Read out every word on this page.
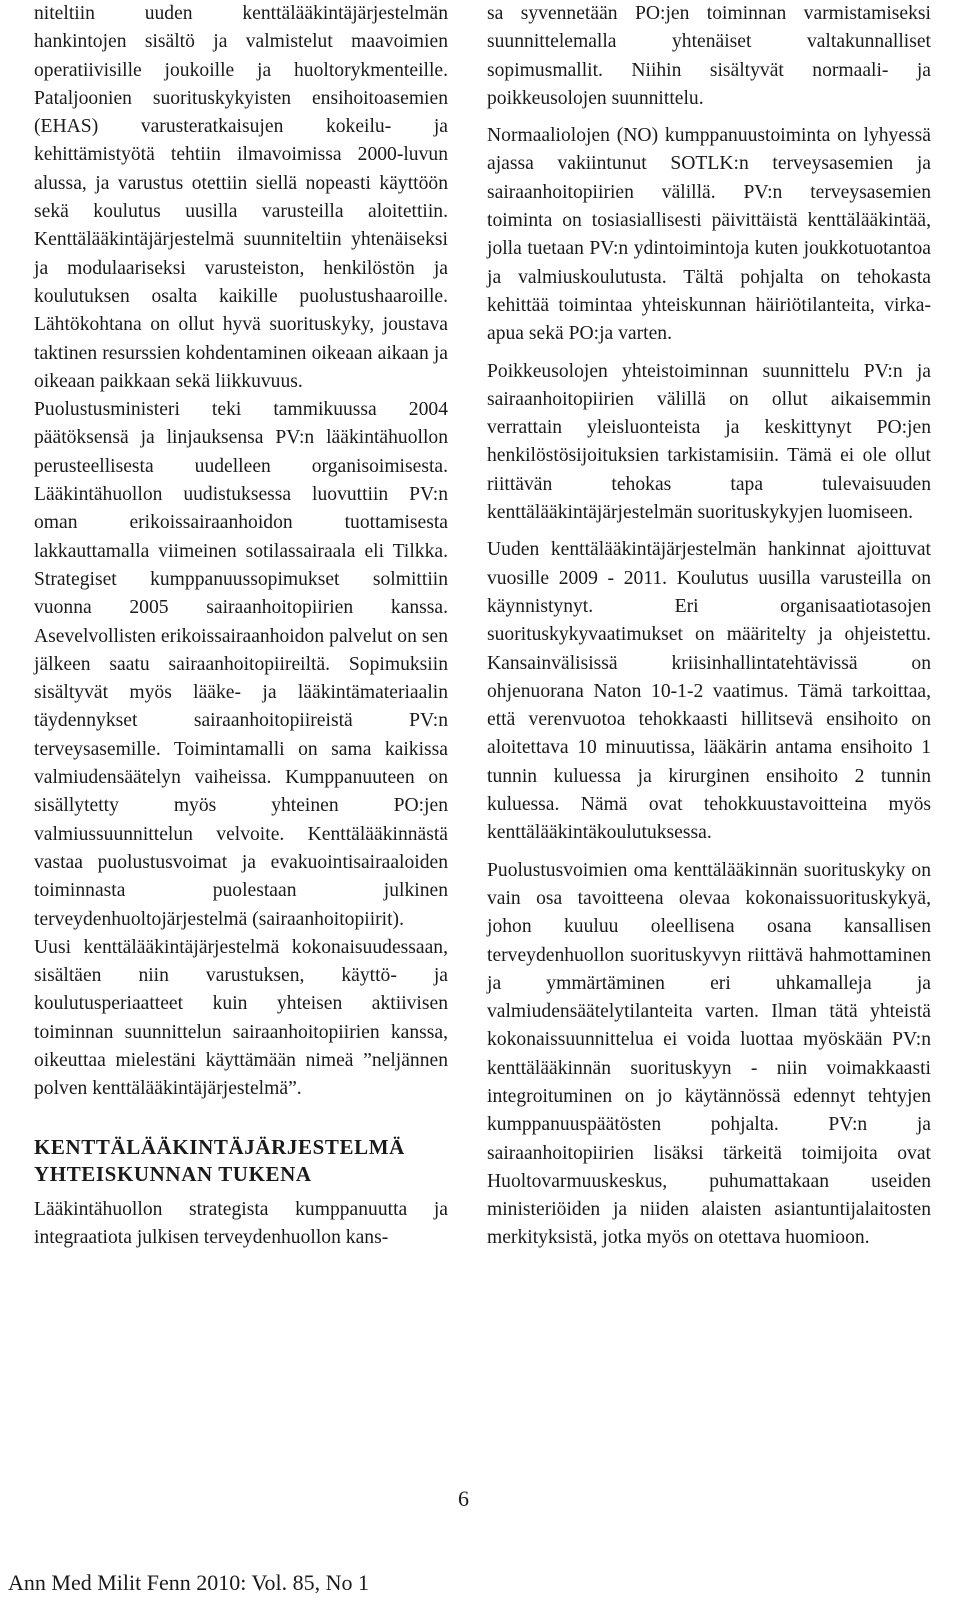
niteltiin uuden kenttälääkintäjärjestelmän hankintojen sisältö ja valmistelut maavoimien operatiivisille joukoille ja huoltorykmenteille. Pataljoonien suorituskykyisten ensihoitoasemien (EHAS) varusteratkaisujen kokeilu- ja kehittämistyötä tehtiin ilmavoimissa 2000-luvun alussa, ja varustus otettiin siellä nopeasti käyttöön sekä koulutus uusilla varusteilla aloitettiin. Kenttälääkintäjärjestelmä suunniteltiin yhtenäiseksi ja modulaariseksi varusteiston, henkilöstön ja koulutuksen osalta kaikille puolustushaaroille. Lähtökohtana on ollut hyvä suorituskyky, joustava taktinen resurssien kohdentaminen oikeaan aikaan ja oikeaan paikkaan sekä liikkuvuus.

Puolustusministeri teki tammikuussa 2004 päätöksensä ja linjauksensa PV:n lääkintähuollon perusteellisesta uudelleen organisoimisesta. Lääkintähuollon uudistuksessa luovuttiin PV:n oman erikoissairaanhoidon tuottamisesta lakkauttamalla viimeinen sotilassairaala eli Tilkka. Strategiset kumppanuussopimukset solmittiin vuonna 2005 sairaanhoitopiirien kanssa. Asevelvollisten erikoissairaanhoidon palvelut on sen jälkeen saatu sairaanhoitopiireiltä. Sopimuksiin sisältyvät myös lääke- ja lääkintämateriaalin täydennykset sairaanhoitopiireistä PV:n terveysasemille. Toimintamalli on sama kaikissa valmiudensäätelyn vaiheissa. Kumppanuuteen on sisällytetty myös yhteinen PO:jen valmiussuunnittelun velvoite. Kenttälääkinnästä vastaa puolustusvoimat ja evakuointisairaaloiden toiminnasta puolestaan julkinen terveydenhuoltojärjestelmä (sairaanhoitopiirit).

Uusi kenttälääkintäjärjestelmä kokonaisuudessaan, sisältäen niin varustuksen, käyttö- ja koulutusperiaatteet kuin yhteisen aktiivisen toiminnan suunnittelun sairaanhoitopiirien kanssa, oikeuttaa mielestäni käyttämään nimeä ”neljännen polven kenttälääkintäjärjestelmä”.

KENTTÄLÄÄKINTÄJÄRJESTELMÄ
YHTEISKUNNAN TUKENA

Lääkintähuollon strategista kumppanuutta ja integraatiota julkisen terveydenhuollon kans-

sa syvennetään PO:jen toiminnan varmistamiseksi suunnittelemalla yhtenäiset valtakunnalliset sopimusmallit. Niihin sisältyvät normaali- ja poikkeusolojen suunnittelu.

Normaaliolojen (NO) kumppanuustoiminta on lyhyessä ajassa vakiintunut SOTLK:n terveysasemien ja sairaanhoitopiirien välillä. PV:n terveysasemien toiminta on tosiasiallisesti päivittäistä kenttälääkintää, jolla tuetaan PV:n ydintoimintoja kuten joukkotuotantoa ja valmiuskoulutusta. Tältä pohjalta on tehokasta kehittää toimintaa yhteiskunnan häiriötilanteita, virka-apua sekä PO:ja varten.

Poikkeusolojen yhteistoiminnan suunnittelu PV:n ja sairaanhoitopiirien välillä on ollut aikaisemmin verrattain yleisluonteista ja keskittynyt PO:jen henkilöstösijoituksien tarkistamisiin. Tämä ei ole ollut riittävän tehokas tapa tulevaisuuden kenttälääkintäjärjestelmän suorituskykyjen luomiseen.

Uuden kenttälääkintäjärjestelmän hankinnat ajoittuvat vuosille 2009 - 2011. Koulutus uusilla varusteilla on käynnistynyt. Eri organisaatiotasojen suorituskykyvaatimukset on määritelty ja ohjeistettu. Kansainvälisissä kriisinhallintatehtävissä on ohjenuorana Naton 10-1-2 vaatimus. Tämä tarkoittaa, että verenvuotoa tehokkaasti hillitsevä ensihoito on aloitettava 10 minuutissa, lääkärin antama ensihoito 1 tunnin kuluessa ja kirurginen ensihoito 2 tunnin kuluessa. Nämä ovat tehokkuustavoitteina myös kenttälääkintäkoulutuksessa.

Puolustusvoimien oma kenttälääkinnän suorituskyky on vain osa tavoitteena olevaa kokonaissuorituskykyä, johon kuuluu oleellisena osana kansallisen terveydenhuollon suorituskyvyn riittävä hahmottaminen ja ymmärtäminen eri uhkamalleja ja valmiudensäätelytilanteita varten. Ilman tätä yhteistä kokonaissuunnittelua ei voida luottaa myöskään PV:n kenttälääkinnän suorituskyyn - niin voimakkaasti integroituminen on jo käytännössä edennyt tehtyjen kumppanuuspäätösten pohjalta. PV:n ja sairaanhoitopiirien lisäksi tärkeitä toimijoita ovat Huoltovarmuuskeskus, puhumattakaan useiden ministeriöiden ja niiden alaisten asiantuntijalaitosten merkityksistä, jotka myös on otettava huomioon.

6
Ann Med Milit Fenn 2010: Vol. 85, No 1
